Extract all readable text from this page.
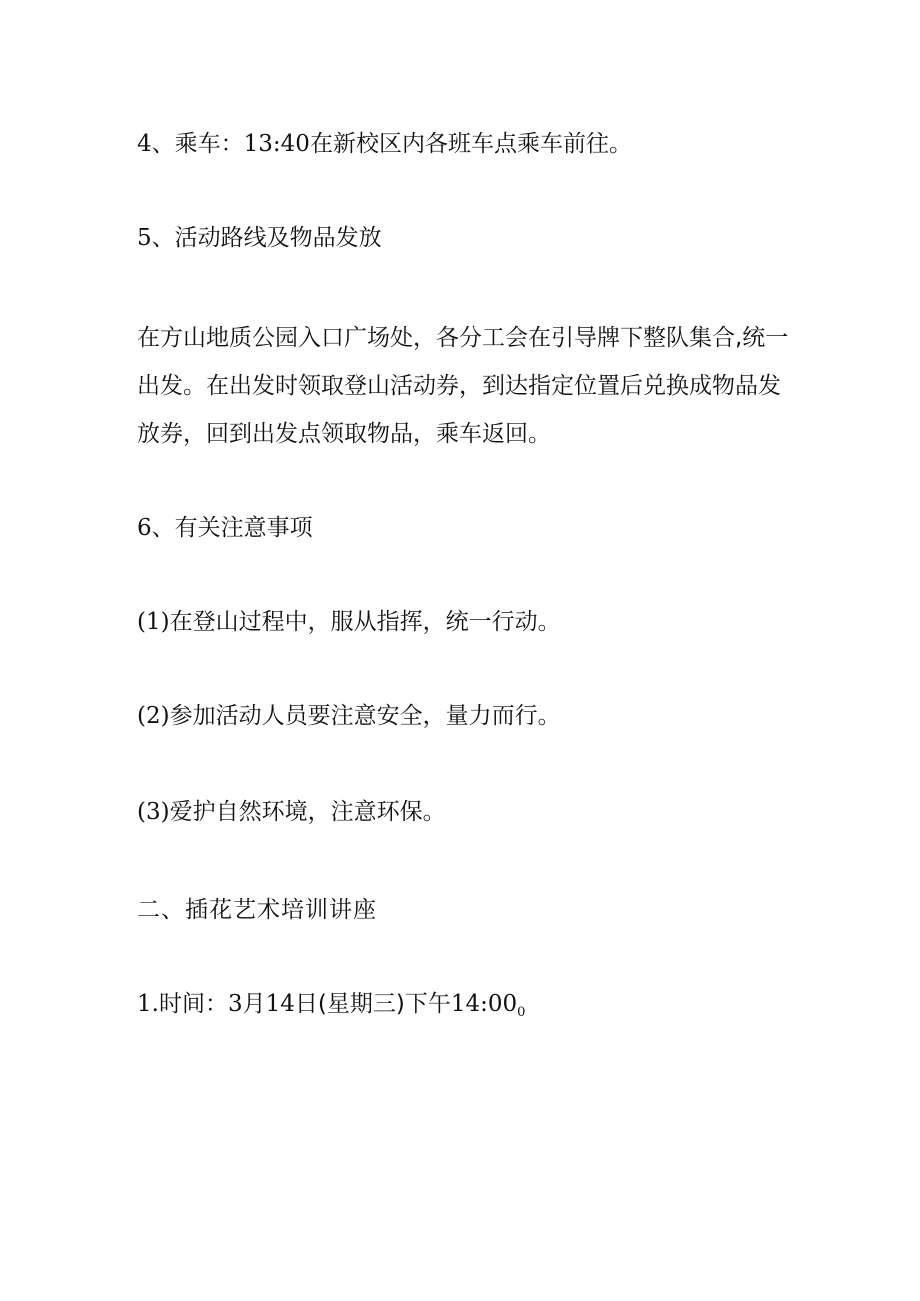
4、乘车：13:40在新校区内各班车点乘车前往。
5、活动路线及物品发放
在方山地质公园入口广场处，各分工会在引导牌下整队集合,统一
出发。在出发时领取登山活动券，到达指定位置后兑换成物品发
放券，回到出发点领取物品，乘车返回。
6、有关注意事项
(1)在登山过程中，服从指挥，统一行动。
(2)参加活动人员要注意安全，量力而行。
(3)爱护自然环境，注意环保。
二、插花艺术培训讲座
1.时间：3月14日(星期三)下午$14:00_0$
